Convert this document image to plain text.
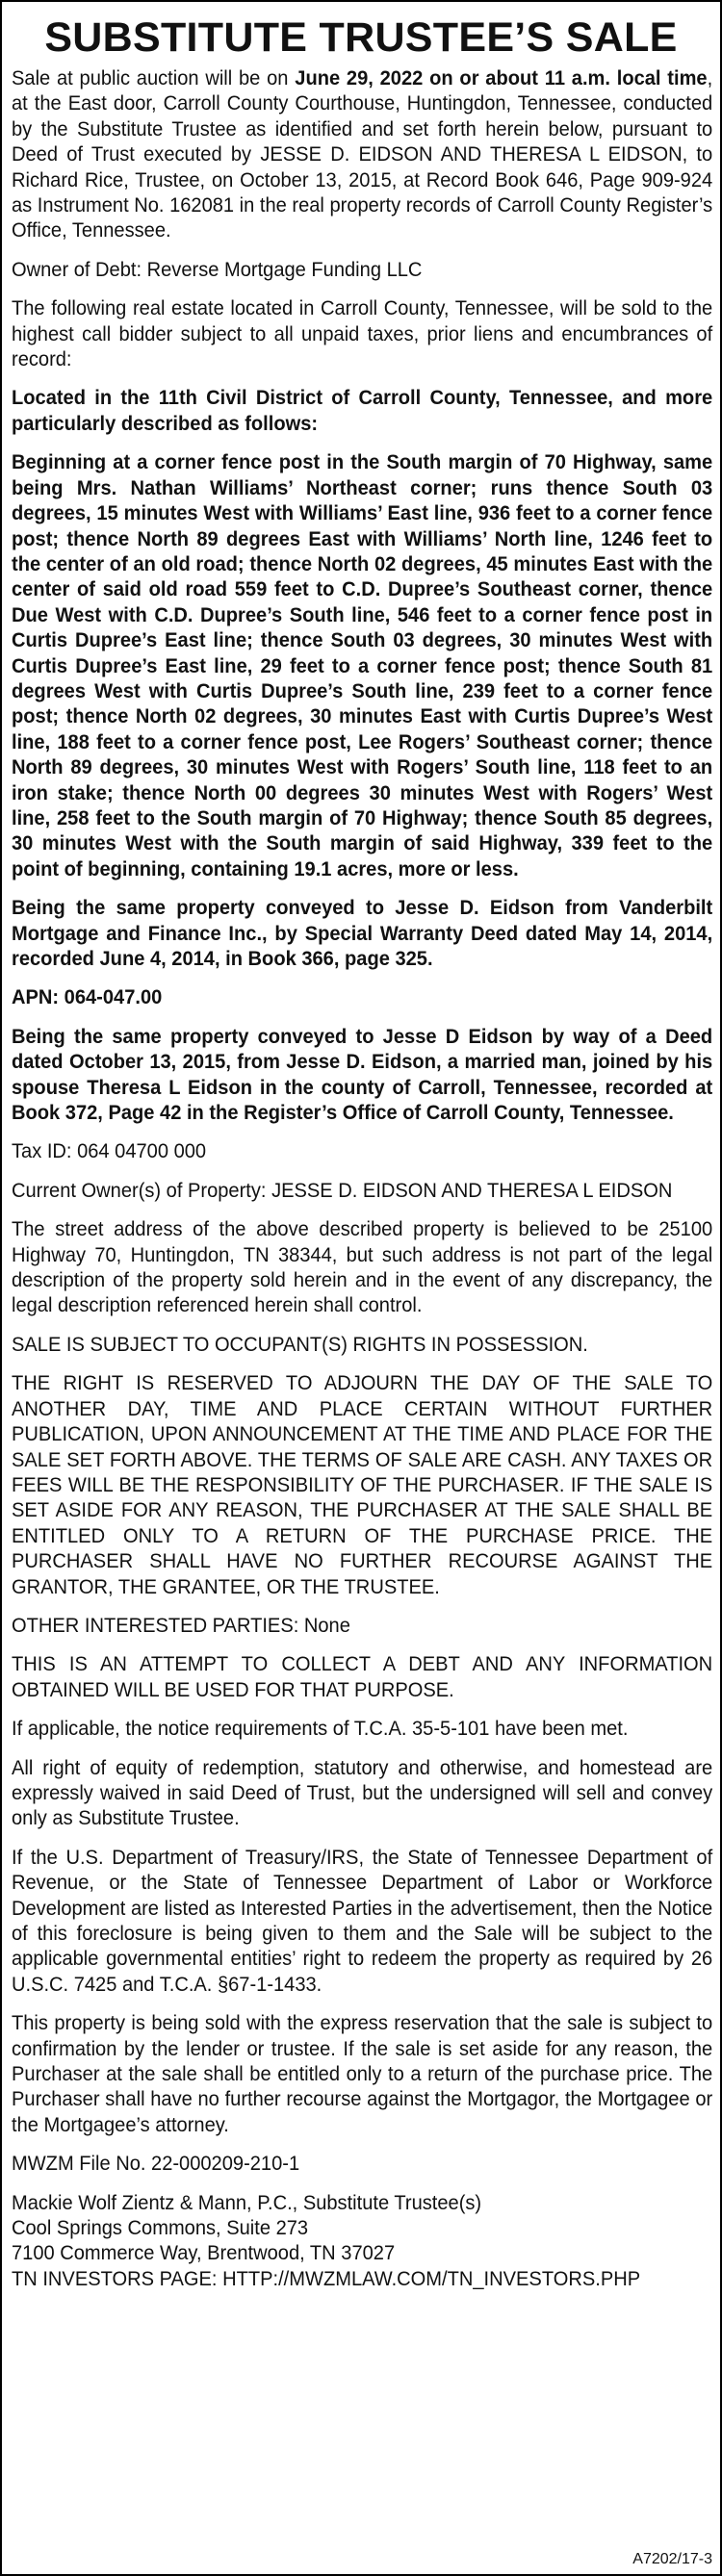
SUBSTITUTE TRUSTEE’S SALE
Sale at public auction will be on June 29, 2022 on or about 11 a.m. local time, at the East door, Carroll County Courthouse, Huntingdon, Tennessee, conducted by the Substitute Trustee as identified and set forth herein below, pursuant to Deed of Trust executed by JESSE D. EIDSON AND THERESA L EIDSON, to Richard Rice, Trustee, on October 13, 2015, at Record Book 646, Page 909-924 as Instrument No. 162081 in the real property records of Carroll County Register’s Office, Tennessee.
Owner of Debt: Reverse Mortgage Funding LLC
The following real estate located in Carroll County, Tennessee, will be sold to the highest call bidder subject to all unpaid taxes, prior liens and encumbrances of record:
Located in the 11th Civil District of Carroll County, Tennessee, and more particularly described as follows:
Beginning at a corner fence post in the South margin of 70 Highway, same being Mrs. Nathan Williams’ Northeast corner; runs thence South 03 degrees, 15 minutes West with Williams’ East line, 936 feet to a corner fence post; thence North 89 degrees East with Williams’ North line, 1246 feet to the center of an old road; thence North 02 degrees, 45 minutes East with the center of said old road 559 feet to C.D. Dupree’s Southeast corner, thence Due West with C.D. Dupree’s South line, 546 feet to a corner fence post in Curtis Dupree’s East line; thence South 03 degrees, 30 minutes West with Curtis Dupree’s East line, 29 feet to a corner fence post; thence South 81 degrees West with Curtis Dupree’s South line, 239 feet to a corner fence post; thence North 02 degrees, 30 minutes East with Curtis Dupree’s West line, 188 feet to a corner fence post, Lee Rogers’ Southeast corner; thence North 89 degrees, 30 minutes West with Rogers’ South line, 118 feet to an iron stake; thence North 00 degrees 30 minutes West with Rogers’ West line, 258 feet to the South margin of 70 Highway; thence South 85 degrees, 30 minutes West with the South margin of said Highway, 339 feet to the point of beginning, containing 19.1 acres, more or less.
Being the same property conveyed to Jesse D. Eidson from Vanderbilt Mortgage and Finance Inc., by Special Warranty Deed dated May 14, 2014, recorded June 4, 2014, in Book 366, page 325.
APN: 064-047.00
Being the same property conveyed to Jesse D Eidson by way of a Deed dated October 13, 2015, from Jesse D. Eidson, a married man, joined by his spouse Theresa L Eidson in the county of Carroll, Tennessee, recorded at Book 372, Page 42 in the Register’s Office of Carroll County, Tennessee.
Tax ID: 064 04700 000
Current Owner(s) of Property: JESSE D. EIDSON AND THERESA L EIDSON
The street address of the above described property is believed to be 25100 Highway 70, Huntingdon, TN 38344, but such address is not part of the legal description of the property sold herein and in the event of any discrepancy, the legal description referenced herein shall control.
SALE IS SUBJECT TO OCCUPANT(S) RIGHTS IN POSSESSION.
THE RIGHT IS RESERVED TO ADJOURN THE DAY OF THE SALE TO ANOTHER DAY, TIME AND PLACE CERTAIN WITHOUT FURTHER PUBLICATION, UPON ANNOUNCEMENT AT THE TIME AND PLACE FOR THE SALE SET FORTH ABOVE. THE TERMS OF SALE ARE CASH. ANY TAXES OR FEES WILL BE THE RESPONSIBILITY OF THE PURCHASER. IF THE SALE IS SET ASIDE FOR ANY REASON, THE PURCHASER AT THE SALE SHALL BE ENTITLED ONLY TO A RETURN OF THE PURCHASE PRICE. THE PURCHASER SHALL HAVE NO FURTHER RECOURSE AGAINST THE GRANTOR, THE GRANTEE, OR THE TRUSTEE.
OTHER INTERESTED PARTIES: None
THIS IS AN ATTEMPT TO COLLECT A DEBT AND ANY INFORMATION OBTAINED WILL BE USED FOR THAT PURPOSE.
If applicable, the notice requirements of T.C.A. 35-5-101 have been met.
All right of equity of redemption, statutory and otherwise, and homestead are expressly waived in said Deed of Trust, but the undersigned will sell and convey only as Substitute Trustee.
If the U.S. Department of Treasury/IRS, the State of Tennessee Department of Revenue, or the State of Tennessee Department of Labor or Workforce Development are listed as Interested Parties in the advertisement, then the Notice of this foreclosure is being given to them and the Sale will be subject to the applicable governmental entities’ right to redeem the property as required by 26 U.S.C. 7425 and T.C.A. §67-1-1433.
This property is being sold with the express reservation that the sale is subject to confirmation by the lender or trustee. If the sale is set aside for any reason, the Purchaser at the sale shall be entitled only to a return of the purchase price. The Purchaser shall have no further recourse against the Mortgagor, the Mortgagee or the Mortgagee’s attorney.
MWZM File No. 22-000209-210-1
Mackie Wolf Zientz & Mann, P.C., Substitute Trustee(s)
Cool Springs Commons, Suite 273
7100 Commerce Way, Brentwood, TN 37027
TN INVESTORS PAGE: HTTP://MWZMLAW.COM/TN_INVESTORS.PHP
A7202/17-3
